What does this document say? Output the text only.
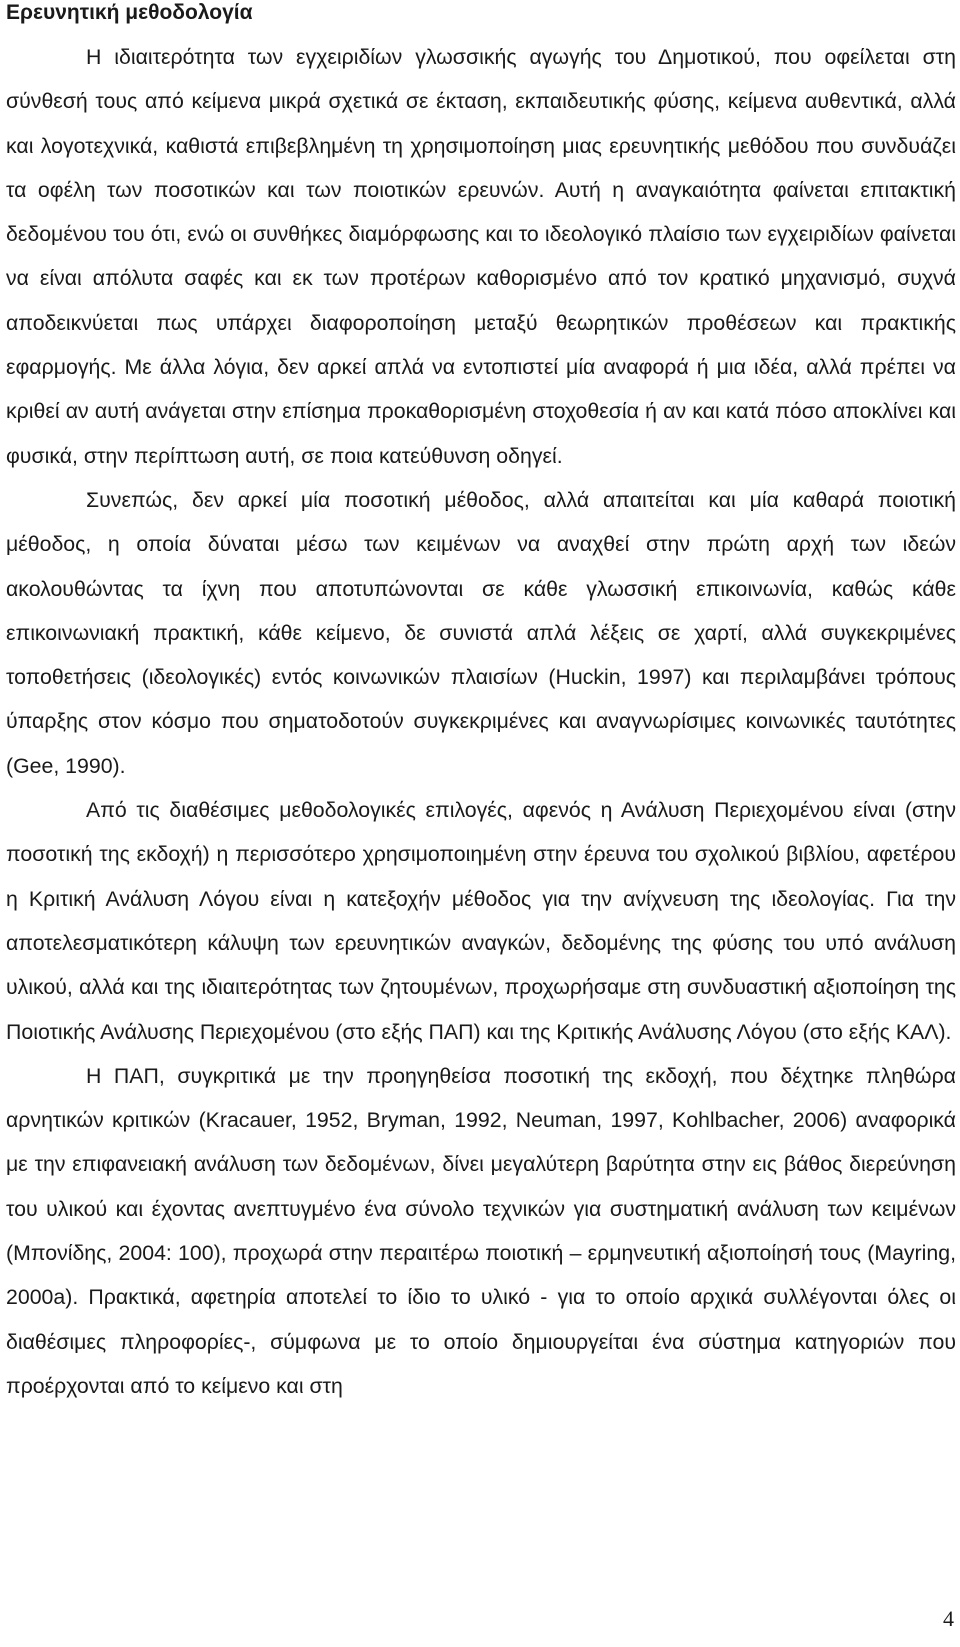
Ερευνητική μεθοδολογία

Η ιδιαιτερότητα των εγχειριδίων γλωσσικής αγωγής του Δημοτικού, που οφείλεται στη σύνθεσή τους από κείμενα μικρά σχετικά σε έκταση, εκπαιδευτικής φύσης, κείμενα αυθεντικά, αλλά και λογοτεχνικά, καθιστά επιβεβλημένη τη χρησιμοποίηση μιας ερευνητικής μεθόδου που συνδυάζει τα οφέλη των ποσοτικών και των ποιοτικών ερευνών. Αυτή η αναγκαιότητα φαίνεται επιτακτική δεδομένου του ότι, ενώ οι συνθήκες διαμόρφωσης και το ιδεολογικό πλαίσιο των εγχειριδίων φαίνεται να είναι απόλυτα σαφές και εκ των προτέρων καθορισμένο από τον κρατικό μηχανισμό, συχνά αποδεικνύεται πως υπάρχει διαφοροποίηση μεταξύ θεωρητικών προθέσεων και πρακτικής εφαρμογής. Με άλλα λόγια, δεν αρκεί απλά να εντοπιστεί μία αναφορά ή μια ιδέα, αλλά πρέπει να κριθεί αν αυτή ανάγεται στην επίσημα προκαθορισμένη στοχοθεσία ή αν και κατά πόσο αποκλίνει και φυσικά, στην περίπτωση αυτή, σε ποια κατεύθυνση οδηγεί.

Συνεπώς, δεν αρκεί μία ποσοτική μέθοδος, αλλά απαιτείται και μία καθαρά ποιοτική μέθοδος, η οποία δύναται μέσω των κειμένων να αναχθεί στην πρώτη αρχή των ιδεών ακολουθώντας τα ίχνη που αποτυπώνονται σε κάθε γλωσσική επικοινωνία, καθώς κάθε επικοινωνιακή πρακτική, κάθε κείμενο, δε συνιστά απλά λέξεις σε χαρτί, αλλά συγκεκριμένες τοποθετήσεις (ιδεολογικές) εντός κοινωνικών πλαισίων (Huckin, 1997) και περιλαμβάνει τρόπους ύπαρξης στον κόσμο που σηματοδοτούν συγκεκριμένες και αναγνωρίσιμες κοινωνικές ταυτότητες (Gee, 1990).

Από τις διαθέσιμες μεθοδολογικές επιλογές, αφενός η Ανάλυση Περιεχομένου είναι (στην ποσοτική της εκδοχή) η περισσότερο χρησιμοποιημένη στην έρευνα του σχολικού βιβλίου, αφετέρου η Κριτική Ανάλυση Λόγου είναι η κατεξοχήν μέθοδος για την ανίχνευση της ιδεολογίας. Για την αποτελεσματικότερη κάλυψη των ερευνητικών αναγκών, δεδομένης της φύσης του υπό ανάλυση υλικού, αλλά και της ιδιαιτερότητας των ζητουμένων, προχωρήσαμε στη συνδυαστική αξιοποίηση της Ποιοτικής Ανάλυσης Περιεχομένου (στο εξής ΠΑΠ) και της Κριτικής Ανάλυσης Λόγου (στο εξής ΚΑΛ).

Η ΠΑΠ, συγκριτικά με την προηγηθείσα ποσοτική της εκδοχή, που δέχτηκε πληθώρα αρνητικών κριτικών (Kracauer, 1952, Bryman, 1992, Neuman, 1997, Kohlbacher, 2006) αναφορικά με την επιφανειακή ανάλυση των δεδομένων, δίνει μεγαλύτερη βαρύτητα στην εις βάθος διερεύνηση του υλικού και έχοντας ανεπτυγμένο ένα σύνολο τεχνικών για συστηματική ανάλυση των κειμένων (Μπονίδης, 2004: 100), προχωρά στην περαιτέρω ποιοτική – ερμηνευτική αξιοποίησή τους (Mayring, 2000a). Πρακτικά, αφετηρία αποτελεί το ίδιο το υλικό - για το οποίο αρχικά συλλέγονται όλες οι διαθέσιμες πληροφορίες-, σύμφωνα με το οποίο δημιουργείται ένα σύστημα κατηγοριών που προέρχονται από το κείμενο και στη

4
